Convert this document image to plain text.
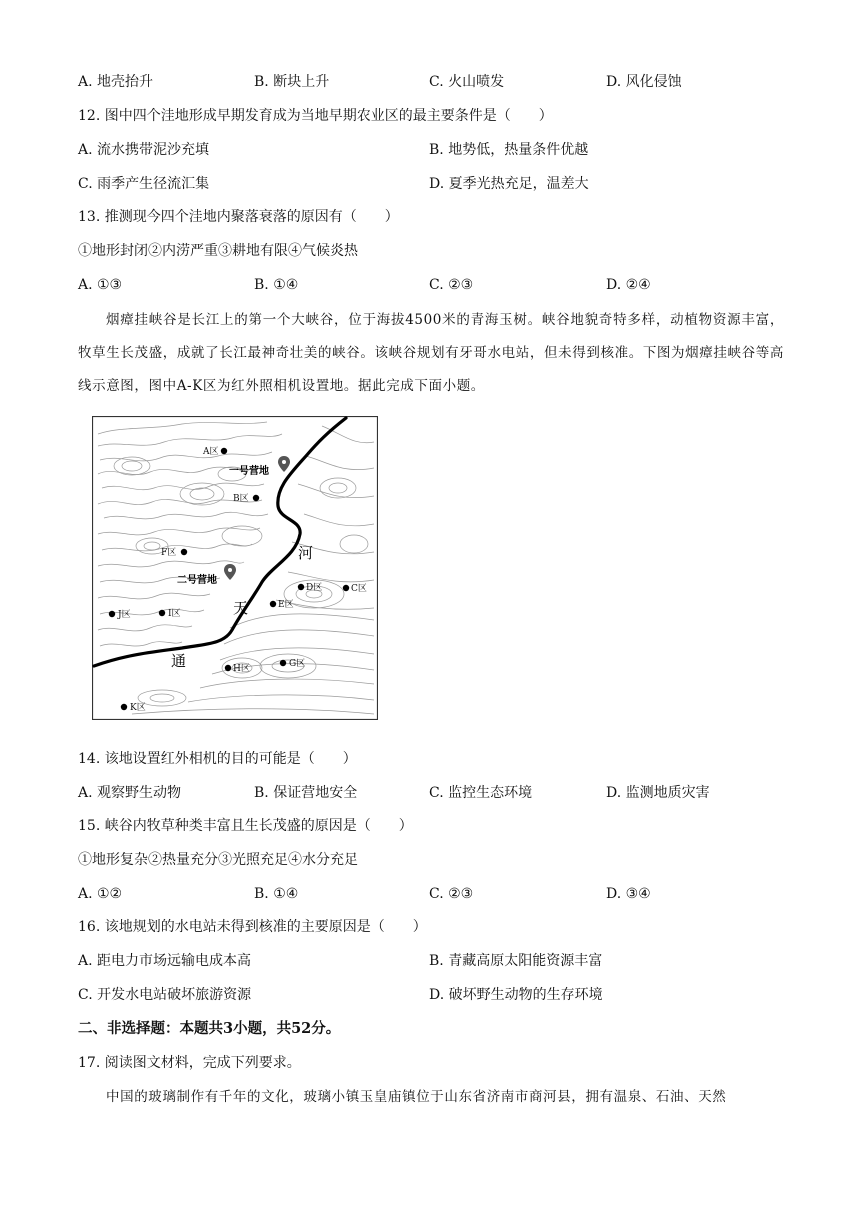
A. 地壳抬升	B. 断块上升	C. 火山喷发	D. 风化侵蚀
12. 图中四个洼地形成早期发育成为当地早期农业区的最主要条件是（　　）
A. 流水携带泥沙充填	B. 地势低，热量条件优越
C. 雨季产生径流汇集	D. 夏季光热充足，温差大
13. 推测现今四个洼地内聚落衰落的原因有（　　）
①地形封闭②内涝严重③耕地有限④气候炎热
A. ①③	B. ①④	C. ②③	D. ②④
烟瘴挂峡谷是长江上的第一个大峡谷，位于海拔4500米的青海玉树。峡谷地貌奇特多样，动植物资源丰富，牧草生长茂盛，成就了长江最神奇壮美的峡谷。该峡谷规划有牙哥水电站，但未得到核准。下图为烟瘴挂峡谷等高线示意图，图中A-K区为红外照相机设置地。据此完成下面小题。
河
天
通
一号营地
二号营地
A区
B区
F区
D区	C区
E区
J区	I区
H区	G区
K区
14. 该地设置红外相机的目的可能是（　　）
A. 观察野生动物	B. 保证营地安全	C. 监控生态环境	D. 监测地质灾害
15. 峡谷内牧草种类丰富且生长茂盛的原因是（　　）
①地形复杂②热量充分③光照充足④水分充足
A. ①②	B. ①④	C. ②③	D. ③④
16. 该地规划的水电站未得到核准的主要原因是（　　）
A. 距电力市场远输电成本高	B. 青藏高原太阳能资源丰富
C. 开发水电站破坏旅游资源	D. 破坏野生动物的生存环境
二、非选择题：本题共3小题，共52分。
17. 阅读图文材料，完成下列要求。
中国的玻璃制作有千年的文化，玻璃小镇玉皇庙镇位于山东省济南市商河县，拥有温泉、石油、天然
